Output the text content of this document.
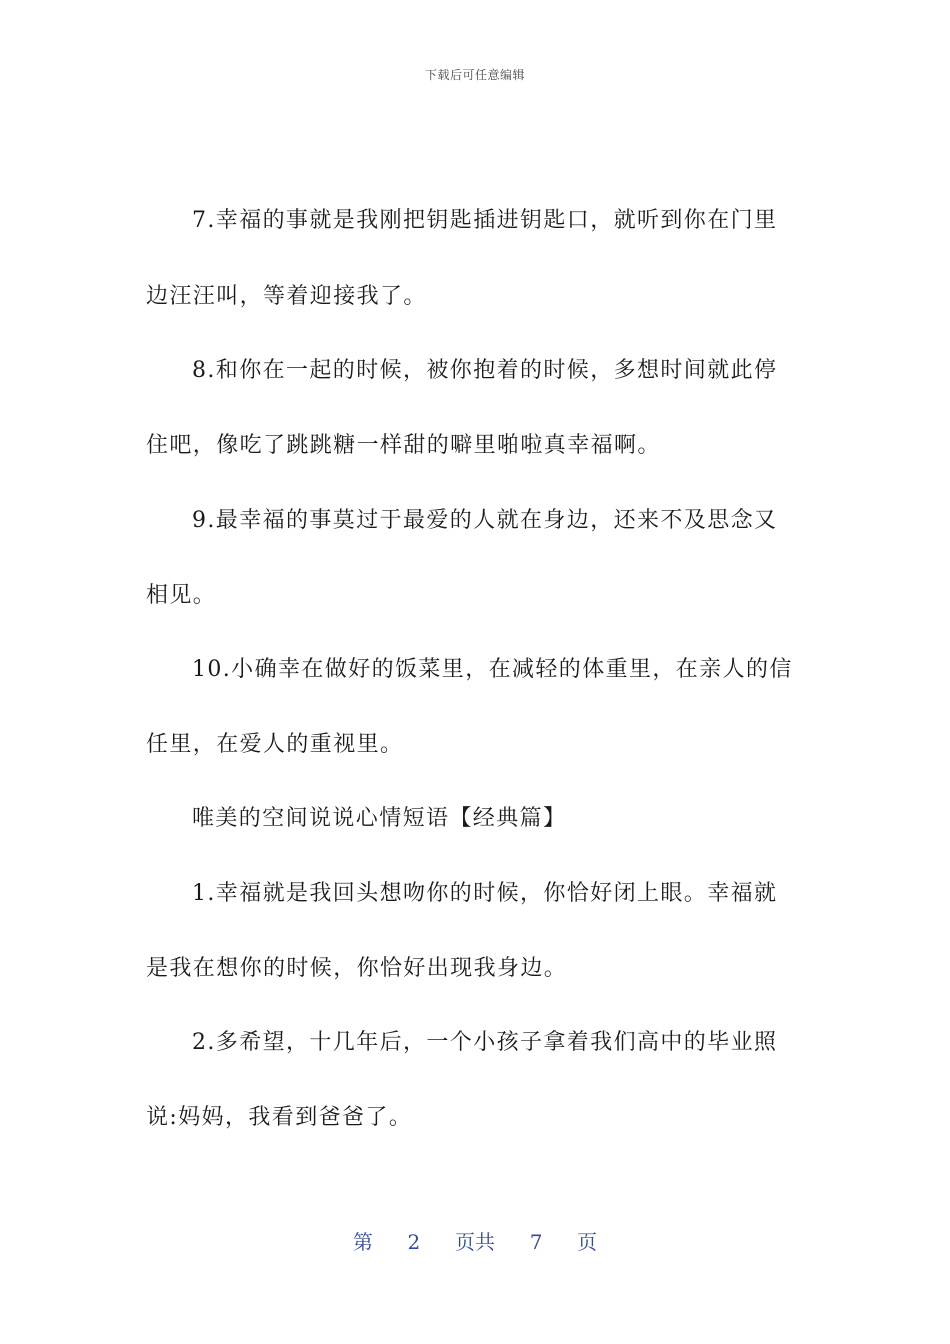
下载后可任意编辑
7.幸福的事就是我刚把钥匙插进钥匙口，就听到你在门里
边汪汪叫，等着迎接我了。
8.和你在一起的时候，被你抱着的时候，多想时间就此停
住吧，像吃了跳跳糖一样甜的噼里啪啦真幸福啊。
9.最幸福的事莫过于最爱的人就在身边，还来不及思念又
相见。
10.小确幸在做好的饭菜里，在减轻的体重里，在亲人的信
任里，在爱人的重视里。
唯美的空间说说心情短语【经典篇】
1.幸福就是我回头想吻你的时候，你恰好闭上眼。幸福就
是我在想你的时候，你恰好出现我身边。
2.多希望，十几年后，一个小孩子拿着我们高中的毕业照
说:妈妈，我看到爸爸了。
第 2 页共 7 页
